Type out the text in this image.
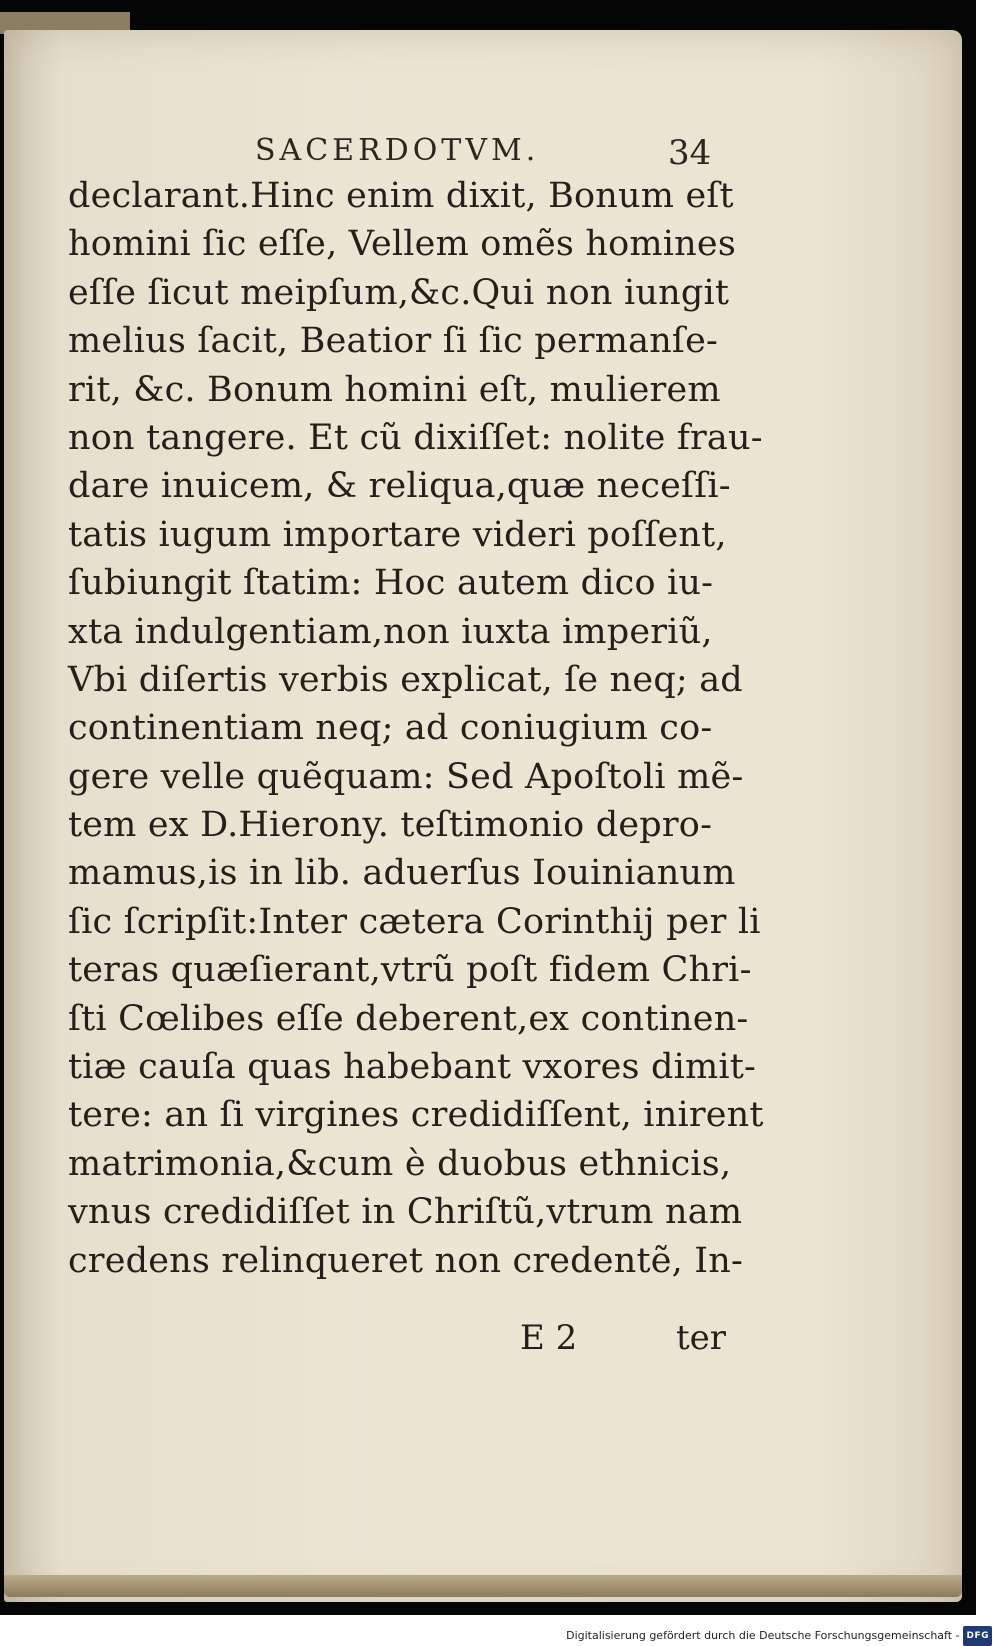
SACERDOTVM.	34

declarant.Hinc enim dixit, Bonum eſt
homini ſic eſſe, Vellem omẽs homines
eſſe ſicut meipſum,&c.Qui non iungit
melius ſacit, Beatior ſi ſic permanſe-
rit, &c. Bonum homini eſt, mulierem
non tangere. Et cũ dixiſſet: nolite frau-
dare inuicem, & reliqua,quæ neceſſi-
tatis iugum importare videri poſſent,
ſubiungit ſtatim: Hoc autem dico iu-
xta indulgentiam,non iuxta imperiũ,
Vbi diſertis verbis explicat, ſe neq; ad
continentiam neq; ad coniugium co-
gere velle quẽquam: Sed Apoſtoli mẽ-
tem ex D.Hierony. teſtimonio depro-
mamus,is in lib. aduerſus Iouinianum
ſic ſcripſit:Inter cætera Corinthij per li
teras quæſierant,vtrũ poſt fidem Chri-
ſti Cœlibes eſſe deberent,ex continen-
tiæ cauſa quas habebant vxores dimit-
tere: an ſi virgines credidiſſent, inirent
matrimonia,&cum è duobus ethnicis,
vnus credidiſſet in Chriſtũ,vtrum nam
credens relinqueret non credentẽ, In-

E 2	ter

Digitalisierung gefördert durch die Deutsche Forschungsgemeinschaft - DFG
